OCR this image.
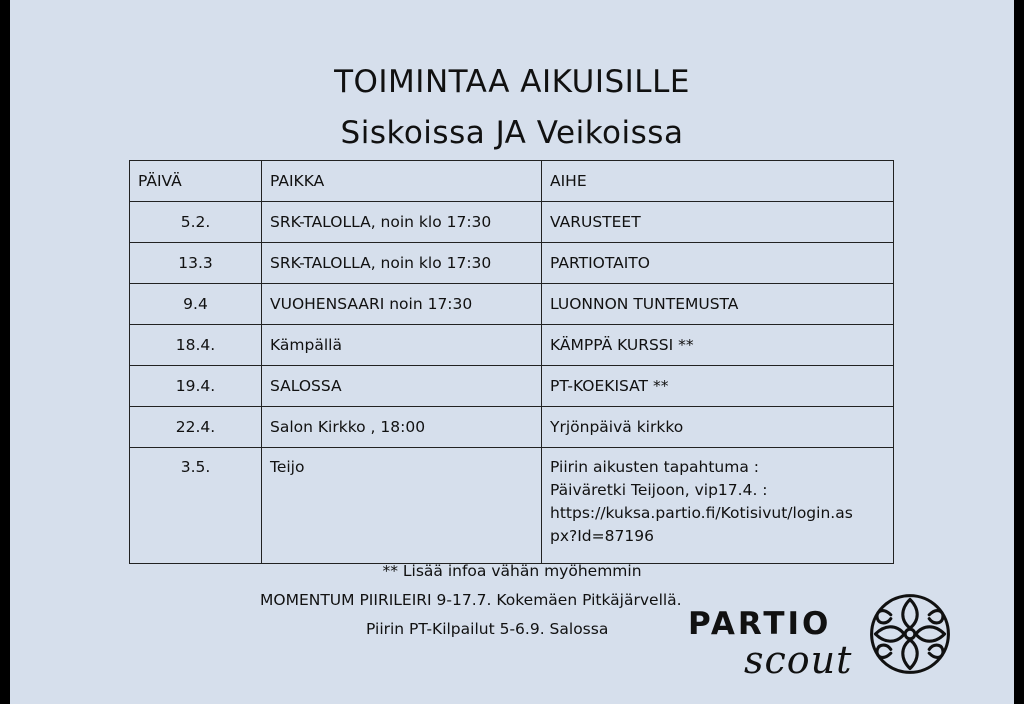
TOIMINTAA AIKUISILLE
Siskoissa JA Veikoissa
PÄIVÄ	PAIKKA	AIHE
5.2.	SRK-TALOLLA, noin klo 17:30	VARUSTEET
13.3	SRK-TALOLLA, noin klo 17:30	PARTIOTAITO
9.4	VUOHENSAARI noin 17:30	LUONNON TUNTEMUSTA
18.4.	Kämpällä	KÄMPPÄ KURSSI **
19.4.	SALOSSA	PT-KOEKISAT **
22.4.	Salon Kirkko , 18:00	Yrjönpäivä kirkko
3.5.	Teijo	Piirin aikusten tapahtuma :
Päiväretki Teijoon, vip17.4. :
https://kuksa.partio.fi/Kotisivut/login.as
px?Id=87196
** Lisää infoa vähän myöhemmin
MOMENTUM PIIRILEIRI 9-17.7. Kokemäen Pitkäjärvellä.
Piirin PT-Kilpailut 5-6.9. Salossa	PARTIO
scout
